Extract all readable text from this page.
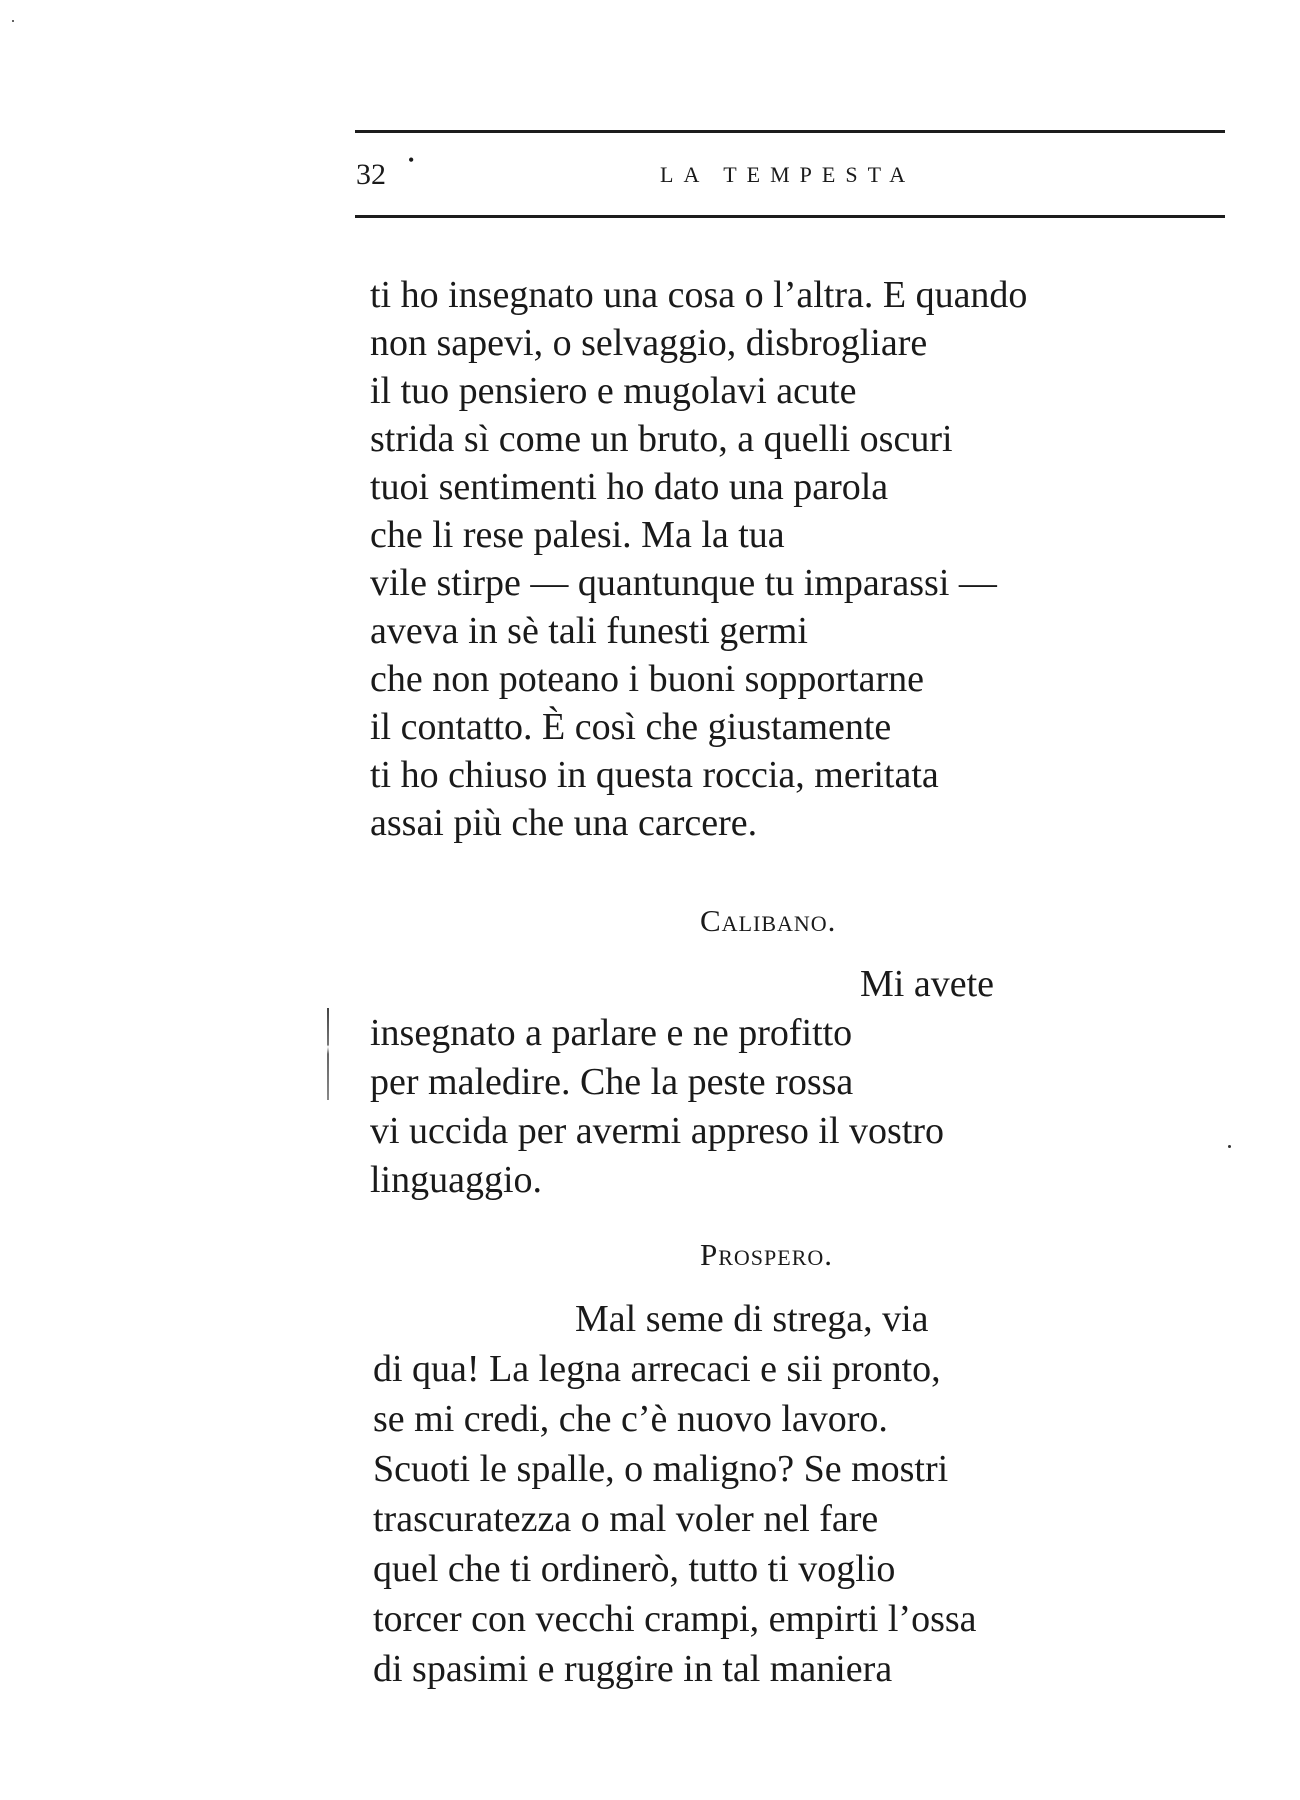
32 •
LA TEMPESTA
ti ho insegnato una cosa o l’altra. E quando
non sapevi, o selvaggio, disbrogliare
il tuo pensiero e mugolavi acute
strida sì come un bruto, a quelli oscuri
tuoi sentimenti ho dato una parola
che li rese palesi. Ma la tua
vile stirpe — quantunque tu imparassi —
aveva in sè tali funesti germi
che non poteano i buoni sopportarne
il contatto. È così che giustamente
ti ho chiuso in questa roccia, meritata
assai più che una carcere.
Calibano.
Mi avete
insegnato a parlare e ne profitto
per maledire. Che la peste rossa
vi uccida per avermi appreso il vostro
linguaggio.
Prospero.
Mal seme di strega, via
di qua! La legna arrecaci e sii pronto,
se mi credi, che c’è nuovo lavoro.
Scuoti le spalle, o maligno? Se mostri
trascuratezza o mal voler nel fare
quel che ti ordinerò, tutto ti voglio
torcer con vecchi crampi, empirti l’ossa
di spasimi e ruggire in tal maniera
